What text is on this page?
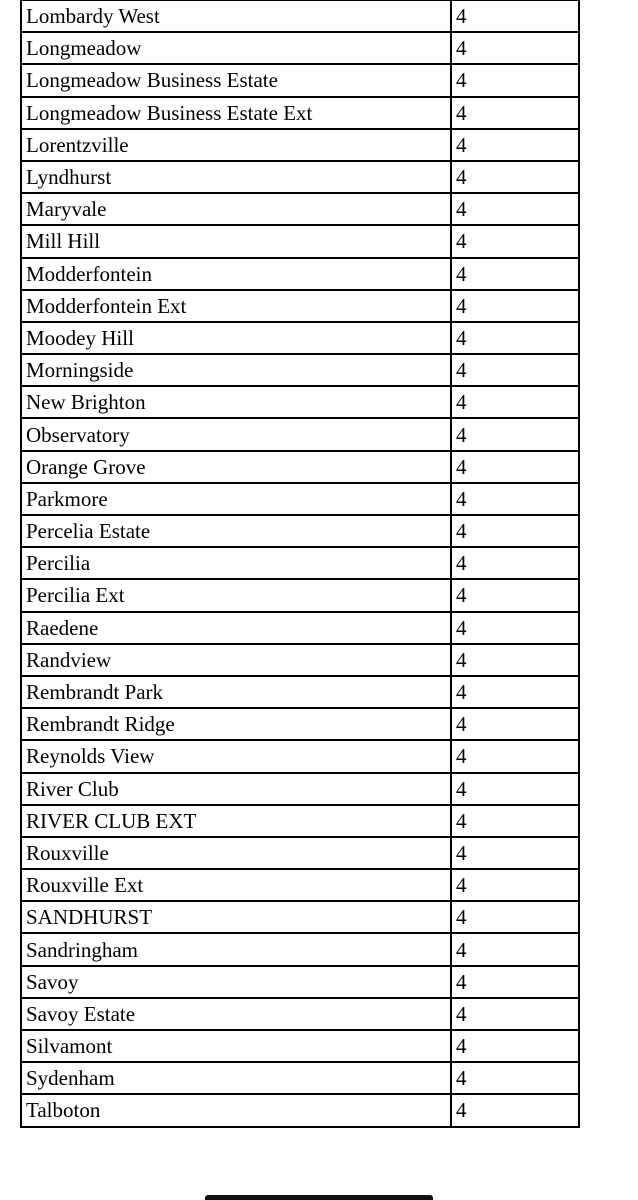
Lombardy West	4
Longmeadow	4
Longmeadow Business Estate	4
Longmeadow Business Estate Ext	4
Lorentzville	4
Lyndhurst	4
Maryvale	4
Mill Hill	4
Modderfontein	4
Modderfontein Ext	4
Moodey Hill	4
Morningside	4
New Brighton	4
Observatory	4
Orange Grove	4
Parkmore	4
Percelia Estate	4
Percilia	4
Percilia Ext	4
Raedene	4
Randview	4
Rembrandt Park	4
Rembrandt Ridge	4
Reynolds View	4
River Club	4
RIVER CLUB EXT	4
Rouxville	4
Rouxville Ext	4
SANDHURST	4
Sandringham	4
Savoy	4
Savoy Estate	4
Silvamont	4
Sydenham	4
Talboton	4
